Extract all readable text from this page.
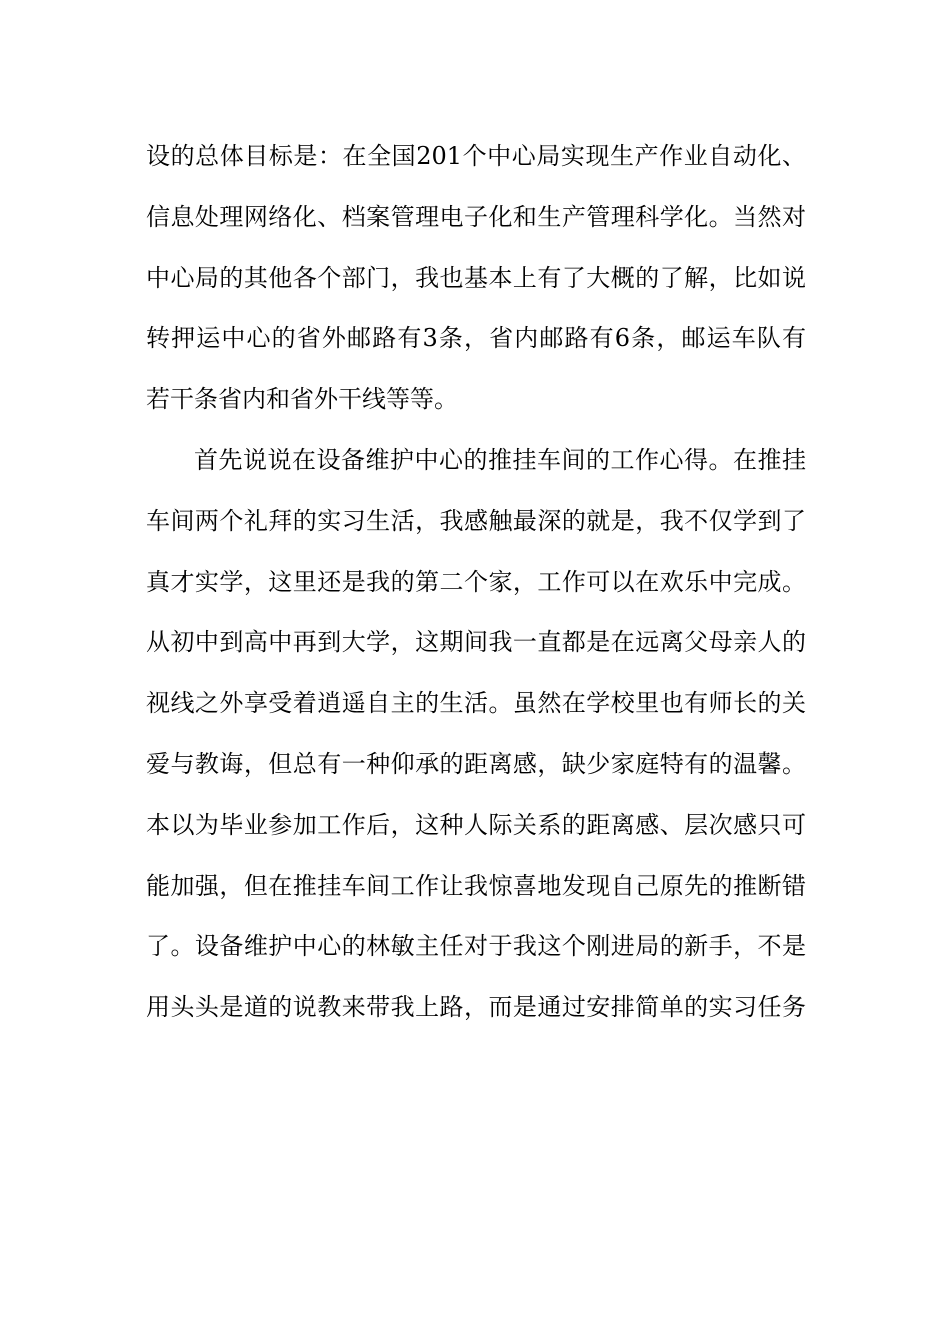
设的总体目标是：在全国201个中心局实现生产作业自动化、
信息处理网络化、档案管理电子化和生产管理科学化。当然对
中心局的其他各个部门，我也基本上有了大概的了解，比如说
转押运中心的省外邮路有3条，省内邮路有6条，邮运车队有
若干条省内和省外干线等等。
首先说说在设备维护中心的推挂车间的工作心得。在推挂
车间两个礼拜的实习生活，我感触最深的就是，我不仅学到了
真才实学，这里还是我的第二个家，工作可以在欢乐中完成。
从初中到高中再到大学，这期间我一直都是在远离父母亲人的
视线之外享受着逍遥自主的生活。虽然在学校里也有师长的关
爱与教诲，但总有一种仰承的距离感，缺少家庭特有的温馨。
本以为毕业参加工作后，这种人际关系的距离感、层次感只可
能加强，但在推挂车间工作让我惊喜地发现自己原先的推断错
了。设备维护中心的林敏主任对于我这个刚进局的新手，不是
用头头是道的说教来带我上路，而是通过安排简单的实习任务
